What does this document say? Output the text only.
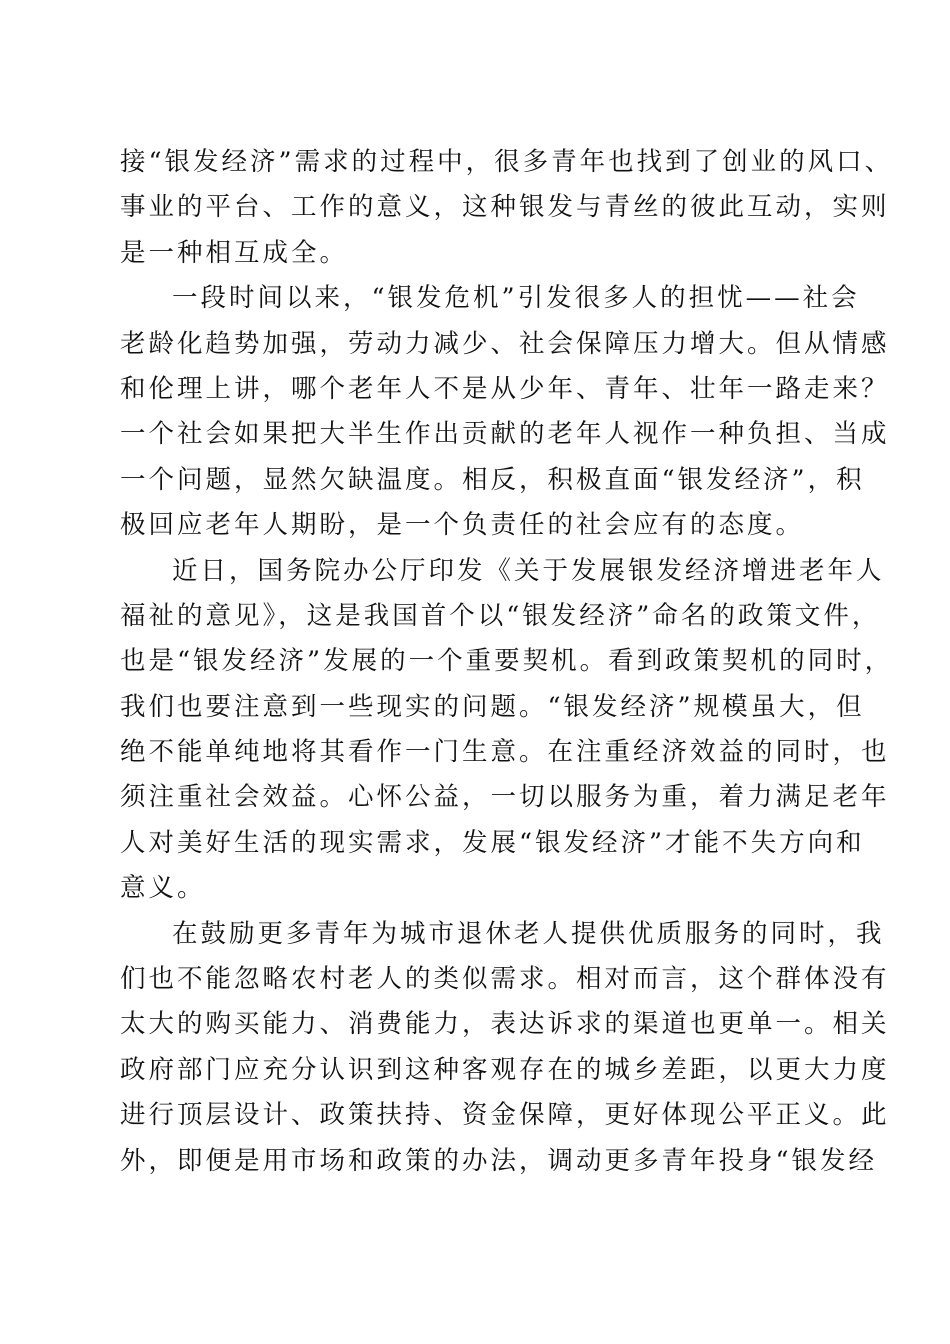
接“银发经济”需求的过程中，很多青年也找到了创业的风口、
事业的平台、工作的意义，这种银发与青丝的彼此互动，实则
是一种相互成全。
一段时间以来，“银发危机”引发很多人的担忧——社会
老龄化趋势加强，劳动力减少、社会保障压力增大。但从情感
和伦理上讲，哪个老年人不是从少年、青年、壮年一路走来？
一个社会如果把大半生作出贡献的老年人视作一种负担、当成
一个问题，显然欠缺温度。相反，积极直面“银发经济”，积
极回应老年人期盼，是一个负责任的社会应有的态度。
近日，国务院办公厅印发《关于发展银发经济增进老年人
福祉的意见》，这是我国首个以“银发经济”命名的政策文件，
也是“银发经济”发展的一个重要契机。看到政策契机的同时，
我们也要注意到一些现实的问题。“银发经济”规模虽大，但
绝不能单纯地将其看作一门生意。在注重经济效益的同时，也
须注重社会效益。心怀公益，一切以服务为重，着力满足老年
人对美好生活的现实需求，发展“银发经济”才能不失方向和
意义。
在鼓励更多青年为城市退休老人提供优质服务的同时，我
们也不能忽略农村老人的类似需求。相对而言，这个群体没有
太大的购买能力、消费能力，表达诉求的渠道也更单一。相关
政府部门应充分认识到这种客观存在的城乡差距，以更大力度
进行顶层设计、政策扶持、资金保障，更好体现公平正义。此
外，即便是用市场和政策的办法，调动更多青年投身“银发经
